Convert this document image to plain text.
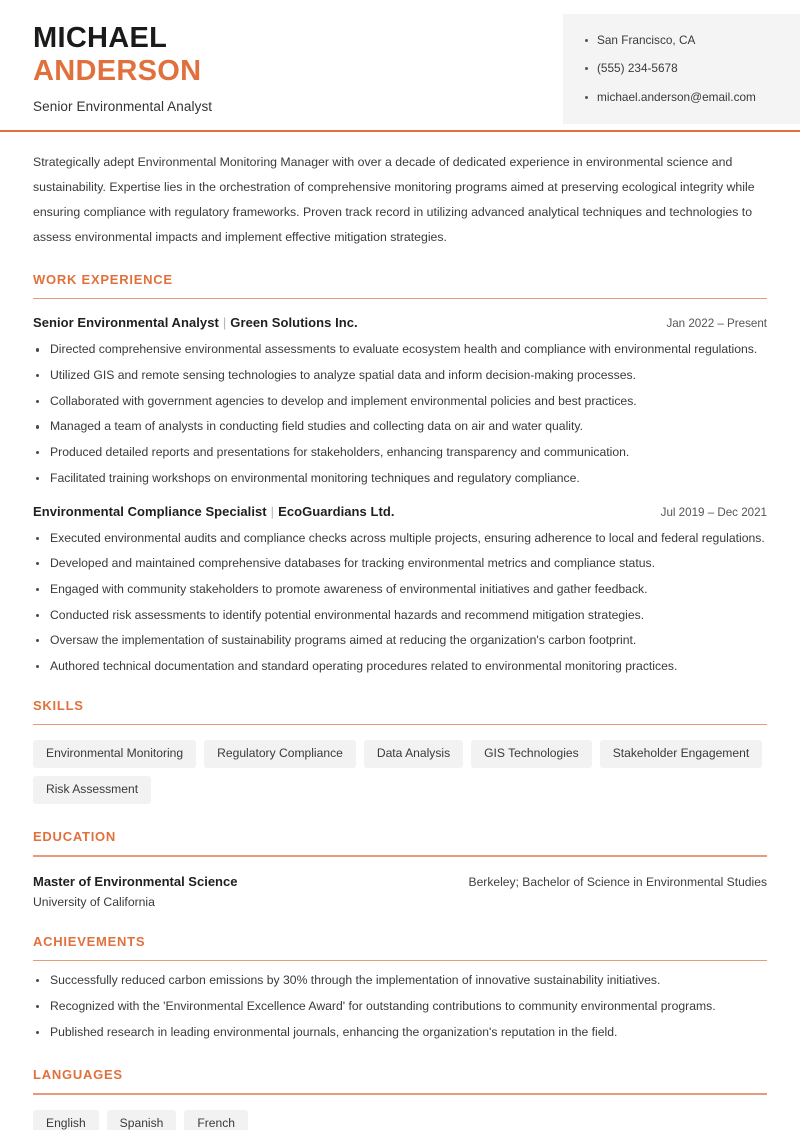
MICHAEL
ANDERSON
Senior Environmental Analyst
San Francisco, CA
(555) 234-5678
michael.anderson@email.com
Strategically adept Environmental Monitoring Manager with over a decade of dedicated experience in environmental science and sustainability. Expertise lies in the orchestration of comprehensive monitoring programs aimed at preserving ecological integrity while ensuring compliance with regulatory frameworks. Proven track record in utilizing advanced analytical techniques and technologies to assess environmental impacts and implement effective mitigation strategies.
WORK EXPERIENCE
Senior Environmental Analyst | Green Solutions Inc.	Jan 2022 – Present
Directed comprehensive environmental assessments to evaluate ecosystem health and compliance with environmental regulations.
Utilized GIS and remote sensing technologies to analyze spatial data and inform decision-making processes.
Collaborated with government agencies to develop and implement environmental policies and best practices.
Managed a team of analysts in conducting field studies and collecting data on air and water quality.
Produced detailed reports and presentations for stakeholders, enhancing transparency and communication.
Facilitated training workshops on environmental monitoring techniques and regulatory compliance.
Environmental Compliance Specialist | EcoGuardians Ltd.	Jul 2019 – Dec 2021
Executed environmental audits and compliance checks across multiple projects, ensuring adherence to local and federal regulations.
Developed and maintained comprehensive databases for tracking environmental metrics and compliance status.
Engaged with community stakeholders to promote awareness of environmental initiatives and gather feedback.
Conducted risk assessments to identify potential environmental hazards and recommend mitigation strategies.
Oversaw the implementation of sustainability programs aimed at reducing the organization's carbon footprint.
Authored technical documentation and standard operating procedures related to environmental monitoring practices.
SKILLS
Environmental Monitoring	Regulatory Compliance	Data Analysis	GIS Technologies	Stakeholder Engagement
Risk Assessment
EDUCATION
Master of Environmental Science	Berkeley; Bachelor of Science in Environmental Studies
University of California
ACHIEVEMENTS
Successfully reduced carbon emissions by 30% through the implementation of innovative sustainability initiatives.
Recognized with the 'Environmental Excellence Award' for outstanding contributions to community environmental programs.
Published research in leading environmental journals, enhancing the organization's reputation in the field.
LANGUAGES
English	Spanish	French
